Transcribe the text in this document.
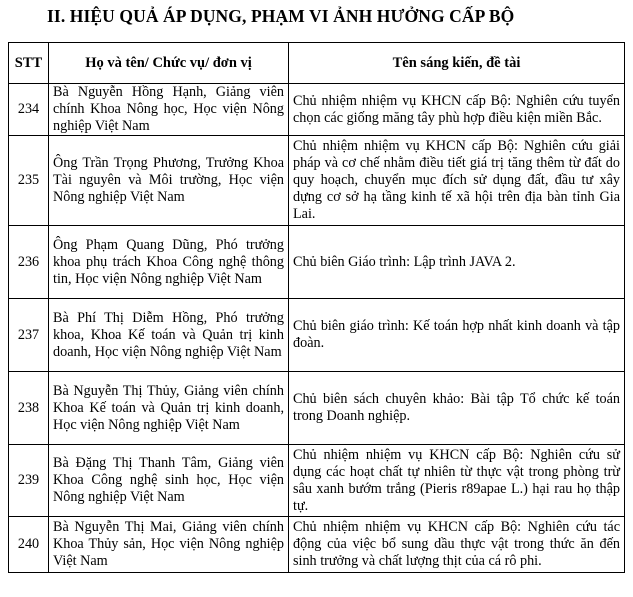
II. HIỆU QUẢ ÁP DỤNG, PHẠM VI ẢNH HƯỞNG CẤP BỘ
STT	Họ và tên/ Chức vụ/ đơn vị	Tên sáng kiến, đề tài
234	Bà Nguyễn Hồng Hạnh, Giảng viên chính Khoa Nông học, Học viện Nông nghiệp Việt Nam	Chủ nhiệm nhiệm vụ KHCN cấp Bộ: Nghiên cứu tuyển chọn các giống măng tây phù hợp điều kiện miền Bắc.
235	Ông Trần Trọng Phương, Trưởng Khoa Tài nguyên và Môi trường, Học viện Nông nghiệp Việt Nam	Chủ nhiệm nhiệm vụ KHCN cấp Bộ: Nghiên cứu giải pháp và cơ chế nhằm điều tiết giá trị tăng thêm từ đất do quy hoạch, chuyển mục đích sử dụng đất, đầu tư xây dựng cơ sở hạ tầng kinh tế xã hội trên địa bàn tỉnh Gia Lai.
236	Ông Phạm Quang Dũng, Phó trưởng khoa phụ trách Khoa Công nghệ thông tin, Học viện Nông nghiệp Việt Nam	Chủ biên Giáo trình: Lập trình JAVA 2.
237	Bà Phí Thị Diễm Hồng, Phó trưởng khoa, Khoa Kế toán và Quản trị kinh doanh, Học viện Nông nghiệp Việt Nam	Chủ biên giáo trình: Kế toán hợp nhất kinh doanh và tập đoàn.
238	Bà Nguyễn Thị Thủy, Giảng viên chính Khoa Kế toán và Quản trị kinh doanh, Học viện Nông nghiệp Việt Nam	Chủ biên sách chuyên khảo: Bài tập Tổ chức kế toán trong Doanh nghiệp.
239	Bà Đặng Thị Thanh Tâm, Giảng viên Khoa Công nghệ sinh học, Học viện Nông nghiệp Việt Nam	Chủ nhiệm nhiệm vụ KHCN cấp Bộ: Nghiên cứu sử dụng các hoạt chất tự nhiên từ thực vật trong phòng trừ sâu xanh bướm trắng (Pieris r89apae L.) hại rau họ thập tự.
240	Bà Nguyễn Thị Mai, Giảng viên chính Khoa Thủy sản, Học viện Nông nghiệp Việt Nam	Chủ nhiệm nhiệm vụ KHCN cấp Bộ: Nghiên cứu tác động của việc bổ sung dầu thực vật trong thức ăn đến sinh trưởng và chất lượng thịt của cá rô phi.
